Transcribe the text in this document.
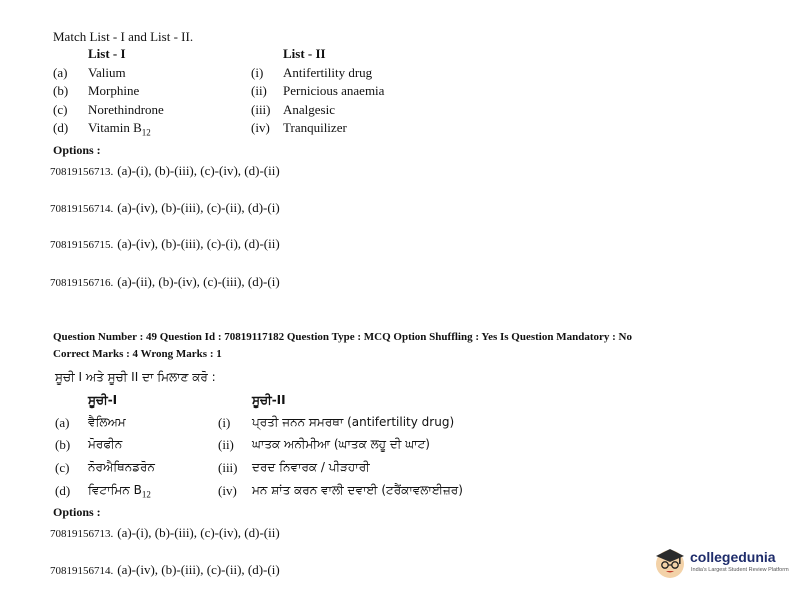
Match List - I and List - II.
List - I	List - II
(a) Valium	(i) Antifertility drug
(b) Morphine	(ii) Pernicious anaemia
(c) Norethindrone	(iii) Analgesic
(d) Vitamin $B_{12}$	(iv) Tranquilizer
Options :
70819156713. (a)-(i), (b)-(iii), (c)-(iv), (d)-(ii)
70819156714. (a)-(iv), (b)-(iii), (c)-(ii), (d)-(i)
70819156715. (a)-(iv), (b)-(iii), (c)-(i), (d)-(ii)
70819156716. (a)-(ii), (b)-(iv), (c)-(iii), (d)-(i)
Question Number : 49 Question Id : 70819117182 Question Type : MCQ Option Shuffling : Yes Is Question Mandatory : No
Correct Marks : 4 Wrong Marks : 1
ਸੂਚੀ I ਅਤੇ ਸੂਚੀ II ਦਾ ਮਿਲਾਣ ਕਰੋ :
ਸੂਚੀ-I	ਸੂਚੀ-II
(a) ਵੈਲਿਅਮ	(i) ਪ੍ਰਤੀ ਜਨਨ ਸਮਰਥਾ (antifertility drug)
(b) ਮੋਰਫੀਨ	(ii) ਘਾਤਕ ਅਨੀਮੀਆ (ਘਾਤਕ ਲਹੂ ਦੀ ਘਾਟ)
(c) ਨੋਰਐਥਿਨਡਰੋਨ	(iii) ਦਰਦ ਨਿਵਾਰਕ / ਪੀੜਹਾਰੀ
(d) ਵਿਟਾਮਿਨ $B_{12}$	(iv) ਮਨ ਸ਼ਾਂਤ ਕਰਨ ਵਾਲੀ ਦਵਾਈ (ਟਰੈਂਕਾਵਲਾਈਜ਼ਰ)
Options :
70819156713. (a)-(i), (b)-(iii), (c)-(iv), (d)-(ii)
70819156714. (a)-(iv), (b)-(iii), (c)-(ii), (d)-(i)
collegedunia
India's Largest Student Review Platform
